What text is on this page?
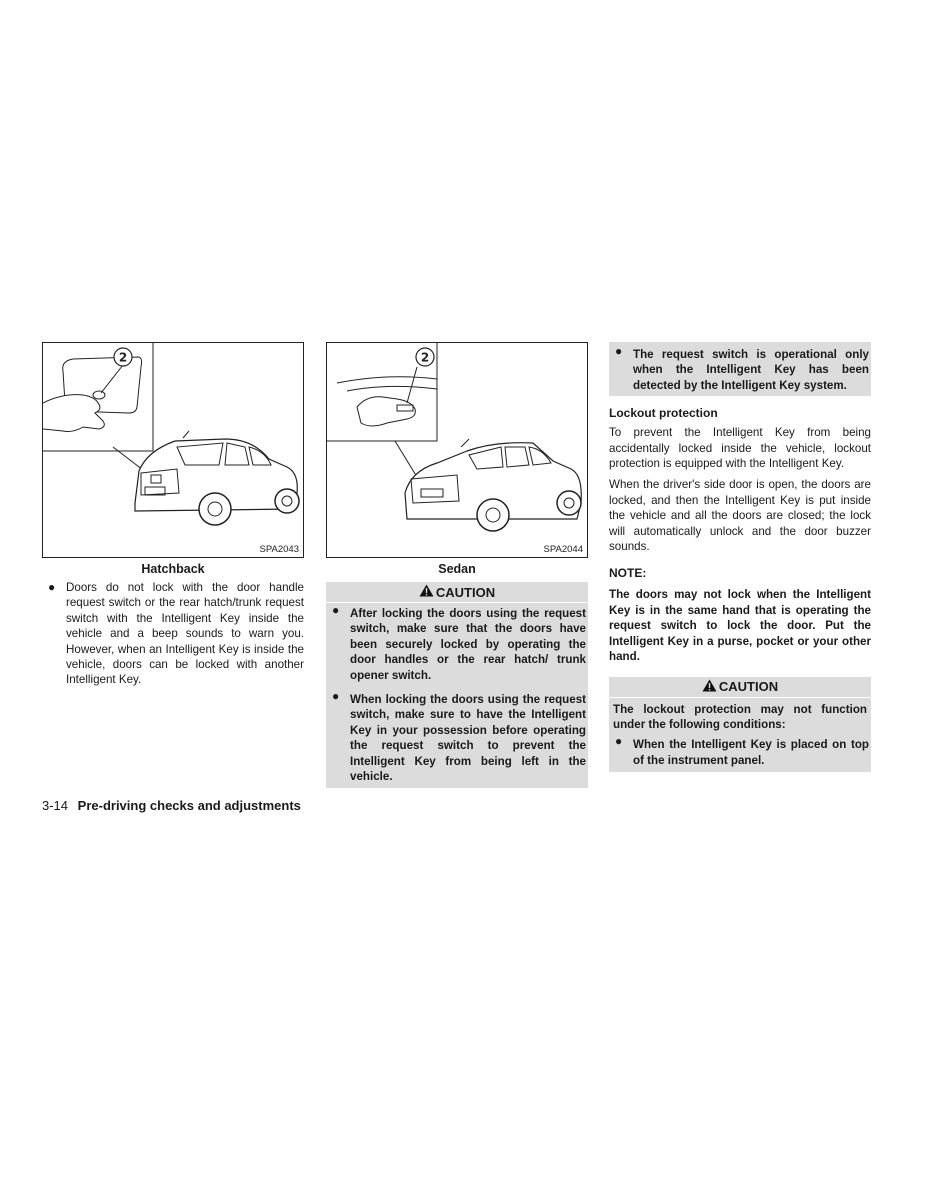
2
SPA2043
Hatchback
● Doors do not lock with the door handle request switch or the rear hatch/trunk request switch with the Intelligent Key inside the vehicle and a beep sounds to warn you. However, when an Intelligent Key is inside the vehicle, doors can be locked with another Intelligent Key.
2
SPA2044
Sedan
CAUTION
● After locking the doors using the request switch, make sure that the doors have been securely locked by operating the door handles or the rear hatch/ trunk opener switch.
● When locking the doors using the request switch, make sure to have the Intelligent Key in your possession before operating the request switch to prevent the Intelligent Key from being left in the vehicle.
● The request switch is operational only when the Intelligent Key has been detected by the Intelligent Key system.
Lockout protection
To prevent the Intelligent Key from being accidentally locked inside the vehicle, lockout protection is equipped with the Intelligent Key.
When the driver's side door is open, the doors are locked, and then the Intelligent Key is put inside the vehicle and all the doors are closed; the lock will automatically unlock and the door buzzer sounds.
NOTE:
The doors may not lock when the Intelligent Key is in the same hand that is operating the request switch to lock the door. Put the Intelligent Key in a purse, pocket or your other hand.
CAUTION
The lockout protection may not function under the following conditions:
● When the Intelligent Key is placed on top of the instrument panel.
3-14 Pre-driving checks and adjustments
